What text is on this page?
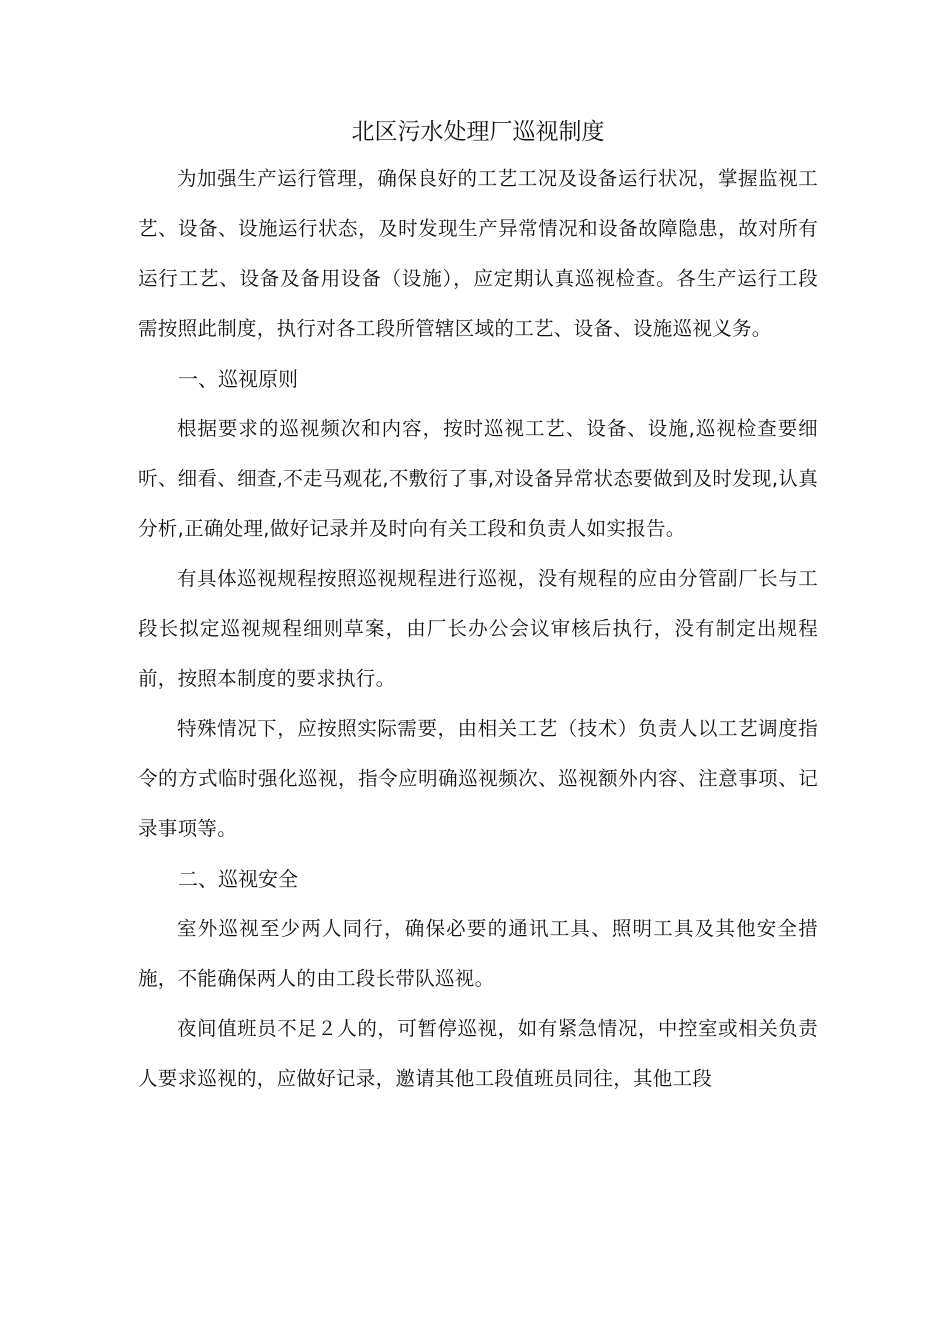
北区污水处理厂巡视制度

为加强生产运行管理，确保良好的工艺工况及设备运行状况，掌握监视工艺、设备、设施运行状态，及时发现生产异常情况和设备故障隐患，故对所有运行工艺、设备及备用设备（设施），应定期认真巡视检查。各生产运行工段需按照此制度，执行对各工段所管辖区域的工艺、设备、设施巡视义务。

一、巡视原则

根据要求的巡视频次和内容，按时巡视工艺、设备、设施,巡视检查要细听、细看、细查,不走马观花,不敷衍了事,对设备异常状态要做到及时发现,认真分析,正确处理,做好记录并及时向有关工段和负责人如实报告。

有具体巡视规程按照巡视规程进行巡视，没有规程的应由分管副厂长与工段长拟定巡视规程细则草案，由厂长办公会议审核后执行，没有制定出规程前，按照本制度的要求执行。

特殊情况下，应按照实际需要，由相关工艺（技术）负责人以工艺调度指令的方式临时强化巡视，指令应明确巡视频次、巡视额外内容、注意事项、记录事项等。

二、巡视安全

室外巡视至少两人同行，确保必要的通讯工具、照明工具及其他安全措施，不能确保两人的由工段长带队巡视。

夜间值班员不足２人的，可暂停巡视，如有紧急情况，中控室或相关负责人要求巡视的，应做好记录，邀请其他工段值班员同往，其他工段
